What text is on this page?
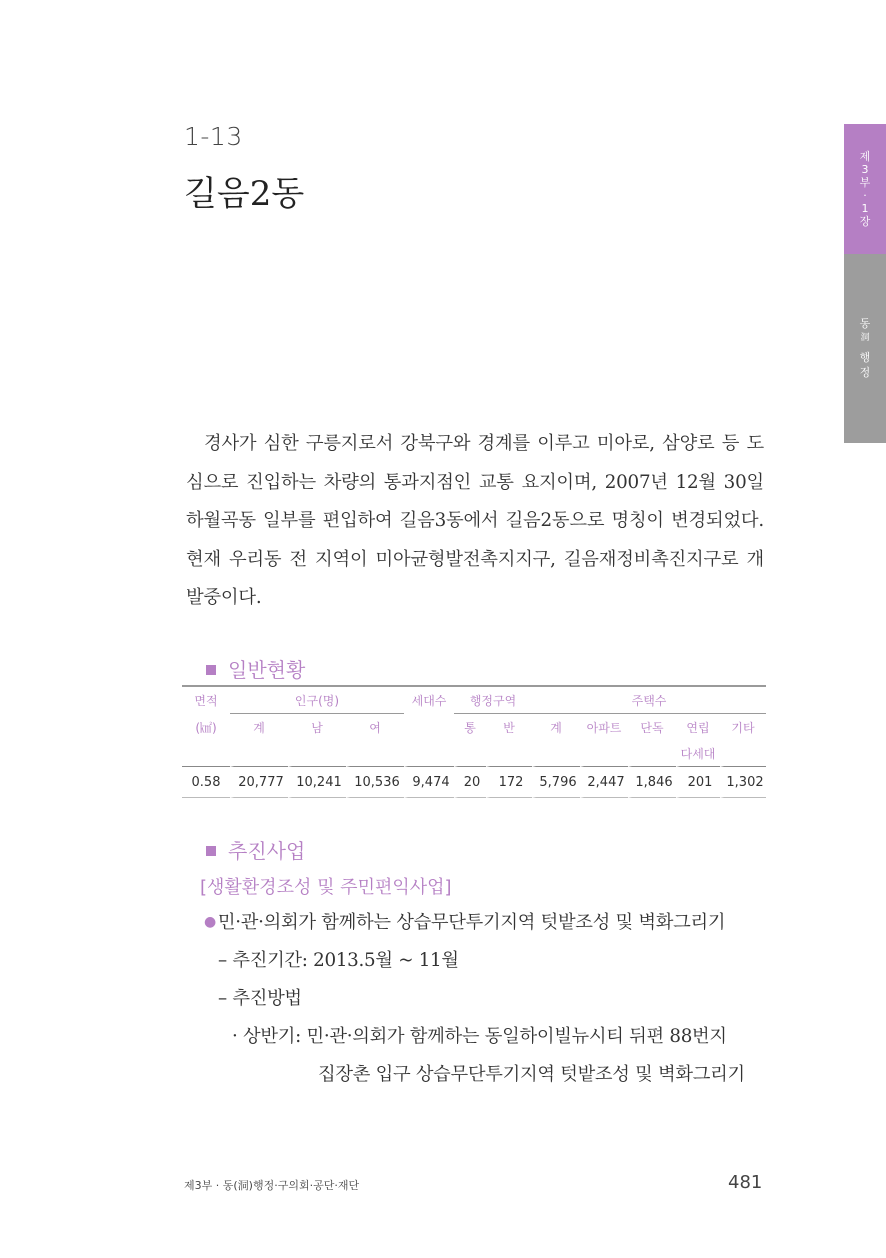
제
3
부
·
1
장
동
洞
행
정
1-13
길음2동
경사가 심한 구릉지로서 강북구와 경계를 이루고 미아로, 삼양로 등 도심으로 진입하는 차량의 통과지점인 교통 요지이며, 2007년 12월 30일 하월곡동 일부를 편입하여 길음3동에서 길음2동으로 명칭이 변경되었다. 현재 우리동 전 지역이 미아균형발전촉지지구, 길음재정비촉진지구로 개발중이다.
일반현황
면적	인구(명)			세대수	행정구역		주택수				
(㎢)	계	남	여		통	반	계	아파트	단독	연립	기타
										다세대	
0.58	20,777	10,241	10,536	9,474	20	172	5,796	2,447	1,846	201	1,302
추진사업
[생활환경조성 및 주민편익사업]
● 민·관·의회가 함께하는 상습무단투기지역 텃밭조성 및 벽화그리기
– 추진기간: 2013.5월 ~ 11월
– 추진방법
· 상반기: 민·관·의회가 함께하는 동일하이빌뉴시티 뒤편 88번지
집장촌 입구 상습무단투기지역 텃밭조성 및 벽화그리기
제3부 · 동(洞)행정·구의회·공단·재단	481
